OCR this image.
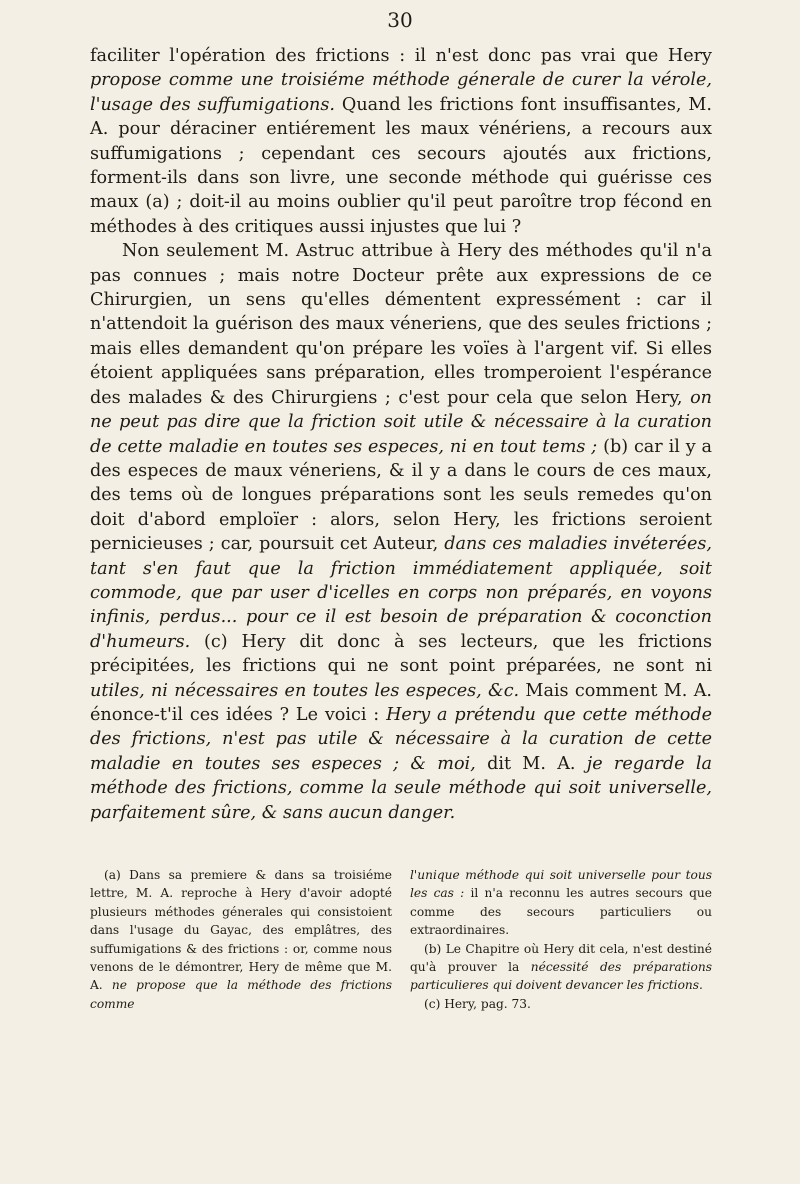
30

faciliter l'opération des frictions : il n'est donc pas vrai que Hery propose comme une troisiéme méthode génerale de curer la vérole, l'usage des suffumigations. Quand les frictions font insuffisantes, M. A. pour déraciner entiérement les maux vénériens, a recours aux suffumigations ; cependant ces secours ajoutés aux frictions, forment-ils dans son livre, une seconde méthode qui guérisse ces maux (a) ; doit-il au moins oublier qu'il peut paroître trop fécond en méthodes à des critiques aussi injustes que lui ?

Non seulement M. Astruc attribue à Hery des méthodes qu'il n'a pas connues ; mais notre Docteur prête aux expressions de ce Chirurgien, un sens qu'elles démentent expressément : car il n'attendoit la guérison des maux véneriens, que des seules frictions ; mais elles demandent qu'on prépare les voïes à l'argent vif. Si elles étoient appliquées sans préparation, elles tromperoient l'espérance des malades & des Chirurgiens ; c'est pour cela que selon Hery, on ne peut pas dire que la friction soit utile & nécessaire à la curation de cette maladie en toutes ses especes, ni en tout tems ; (b) car il y a des especes de maux véneriens, & il y a dans le cours de ces maux, des tems où de longues préparations sont les seuls remedes qu'on doit d'abord emploïer : alors, selon Hery, les frictions seroient pernicieuses ; car, poursuit cet Auteur, dans ces maladies invéterées, tant s'en faut que la friction immédiatement appliquée, soit commode, que par user d'icelles en corps non préparés, en voyons infinis, perdus... pour ce il est besoin de préparation & coconction d'humeurs. (c) Hery dit donc à ses lecteurs, que les frictions précipitées, les frictions qui ne sont point préparées, ne sont ni utiles, ni nécessaires en toutes les especes, &c. Mais comment M. A. énonce-t'il ces idées ? Le voici : Hery a prétendu que cette méthode des frictions, n'est pas utile & nécessaire à la curation de cette maladie en toutes ses especes ; & moi, dit M. A. je regarde la méthode des frictions, comme la seule méthode qui soit universelle, parfaitement sûre, & sans aucun danger.

(a) Dans sa premiere & dans sa troisiéme lettre, M. A. reproche à Hery d'avoir adopté plusieurs méthodes génerales qui consistoient dans l'usage du Gayac, des emplâtres, des suffumigations & des frictions : or, comme nous venons de le démontrer, Hery de même que M. A. ne propose que la méthode des frictions comme

l'unique méthode qui soit universelle pour tous les cas : il n'a reconnu les autres secours que comme des secours particuliers ou extraordinaires.

(b) Le Chapitre où Hery dit cela, n'est destiné qu'à prouver la nécessité des préparations particulieres qui doivent devancer les frictions.

(c) Hery, pag. 73.
